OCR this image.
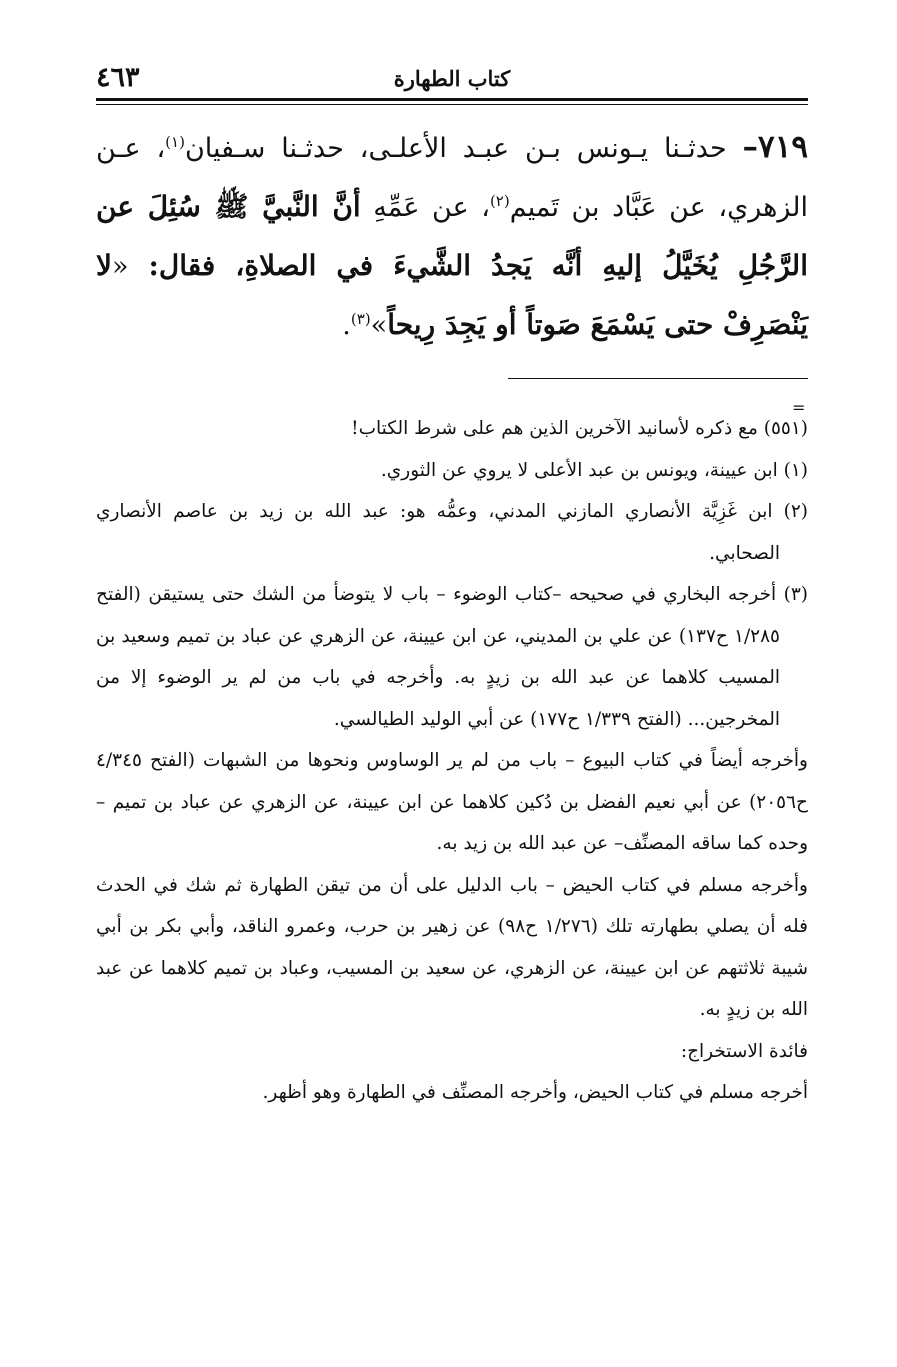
٤٦٣	كتاب الطهارة
٧١٩– حدثـنا يـونس بـن عبـد الأعلـى، حدثـنا سـفيان$^{(١)}$، عـن الزهري، عن عَبَّاد بن تَميم$^{(٢)}$، عن عَمِّهِ أنَّ النَّبيَّ ﷺ سُئِلَ عن الرَّجُلِ يُخَيَّلُ إليهِ أنَّه يَجدُ الشَّيءَ في الصلاةِ، فقال: «لا يَنْصَرِفْ حتى يَسْمَعَ صَوتاً أو يَجِدَ رِيحاً»$^{(٣)}$.
=

(٥٥١) مع ذكره لأسانيد الآخرين الذين هم على شرط الكتاب!

(١) ابن عيينة، ويونس بن عبد الأعلى لا يروي عن الثوري.

(٢) ابن غَزِيَّة الأنصاري المازني المدني، وعمُّه هو: عبد الله بن زيد بن عاصم الأنصاري الصحابي.

(٣) أخرجه البخاري في صحيحه –كتاب الوضوء – باب لا يتوضأ من الشك حتى يستيقن (الفتح ١/٢٨٥ ح١٣٧) عن علي بن المديني، عن ابن عيينة، عن الزهري عن عباد بن تميم وسعيد بن المسيب كلاهما عن عبد الله بن زيدٍ به. وأخرجه في باب من لم ير الوضوء إلا من المخرجين... (الفتح ١/٣٣٩ ح١٧٧) عن أبي الوليد الطيالسي.

وأخرجه أيضاً في كتاب البيوع – باب من لم ير الوساوس ونحوها من الشبهات (الفتح ٤/٣٤٥ ح٢٠٥٦) عن أبي نعيم الفضل بن دُكين كلاهما عن ابن عيينة، عن الزهري عن عباد بن تميم –وحده كما ساقه المصنِّف– عن عبد الله بن زيد به.

وأخرجه مسلم في كتاب الحيض – باب الدليل على أن من تيقن الطهارة ثم شك في الحدث فله أن يصلي بطهارته تلك (١/٢٧٦ ح٩٨) عن زهير بن حرب، وعمرو الناقد، وأبي بكر بن أبي شيبة ثلاثتهم عن ابن عيينة، عن الزهري، عن سعيد بن المسيب، وعباد بن تميم كلاهما عن عبد الله بن زيدٍ به.

فائدة الاستخراج:

أخرجه مسلم في كتاب الحيض، وأخرجه المصنِّف في الطهارة وهو أظهر.
